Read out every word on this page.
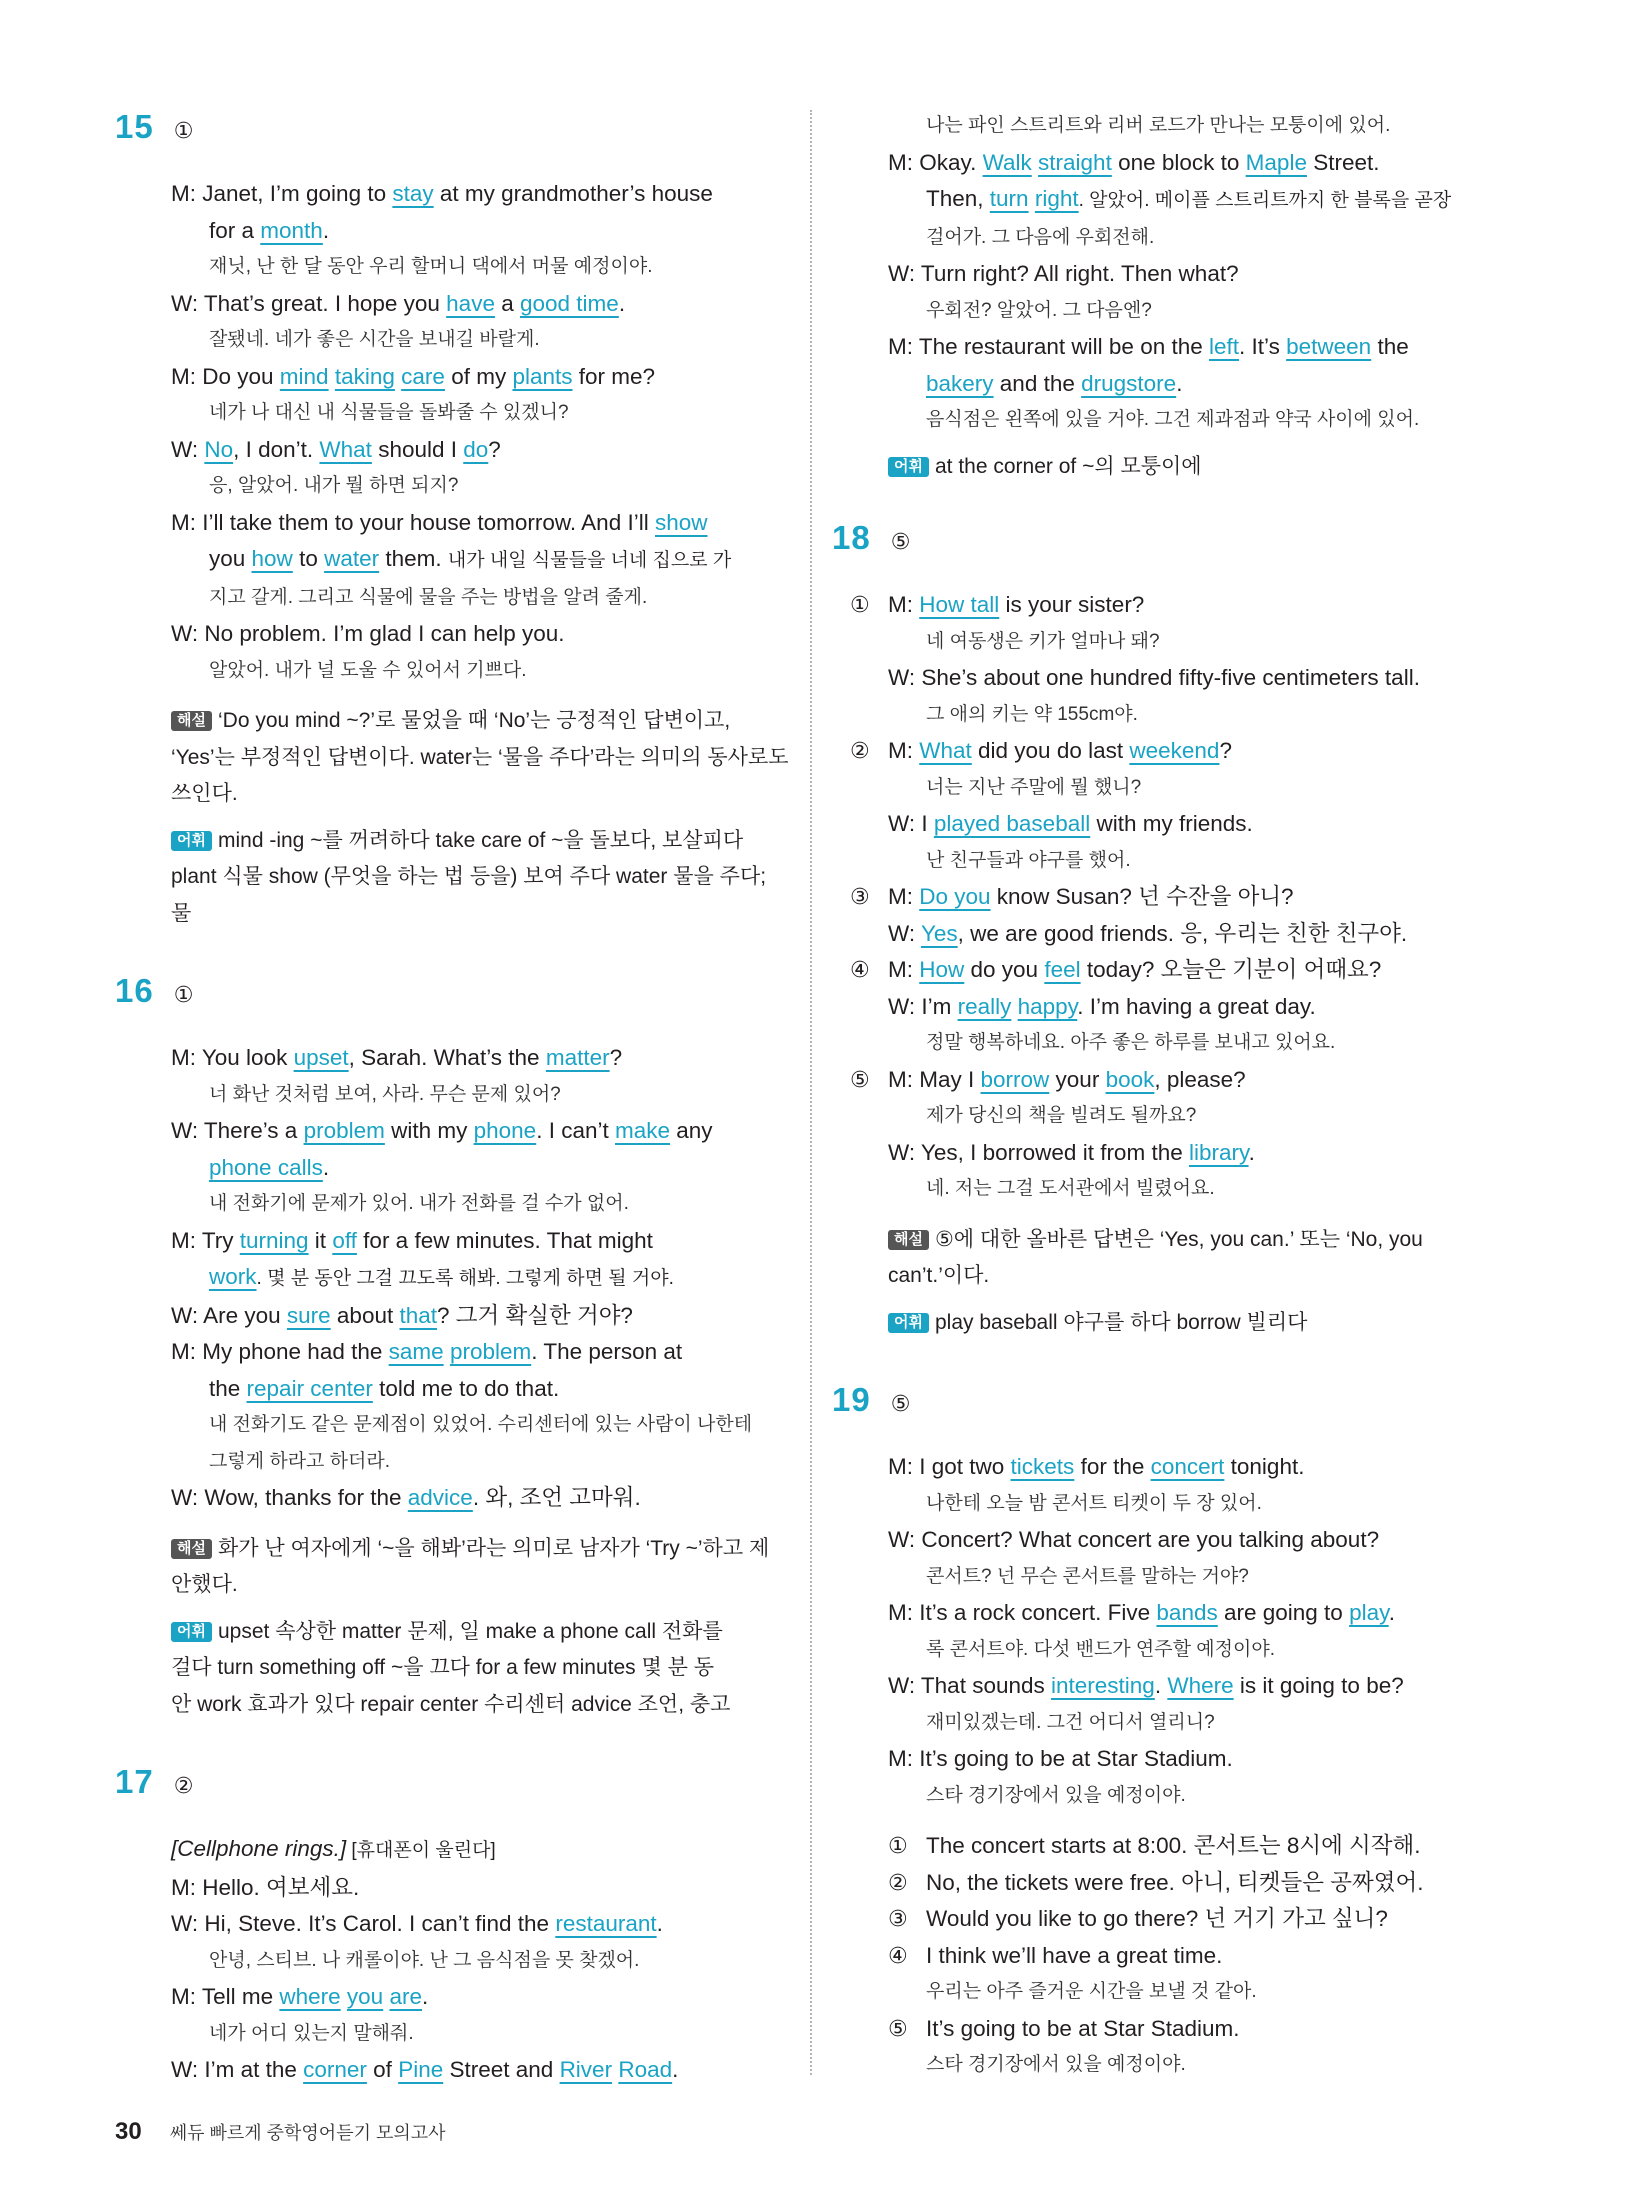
15 ①
M: Janet, I’m going to stay at my grandmother’s house
for a month.
재닛, 난 한 달 동안 우리 할머니 댁에서 머물 예정이야.
W: That’s great. I hope you have a good time.
잘됐네. 네가 좋은 시간을 보내길 바랄게.
M: Do you mind taking care of my plants for me?
네가 나 대신 내 식물들을 돌봐줄 수 있겠니?
W: No, I don’t. What should I do?
응, 알았어. 내가 뭘 하면 되지?
M: I’ll take them to your house tomorrow. And I’ll show
you how to water them. 내가 내일 식물들을 너네 집으로 가
지고 갈게. 그리고 식물에 물을 주는 방법을 알려 줄게.
W: No problem. I’m glad I can help you.
알았어. 내가 널 도울 수 있어서 기쁘다.
해설 ‘Do you mind ~?’로 물었을 때 ‘No’는 긍정적인 답변이고,
‘Yes’는 부정적인 답변이다. water는 ‘물을 주다’라는 의미의 동사로도
쓰인다.
어휘 mind -ing ~를 꺼려하다 take care of ~을 돌보다, 보살피다
plant 식물 show (무엇을 하는 법 등을) 보여 주다 water 물을 주다;
물
16 ①
M: You look upset, Sarah. What’s the matter?
너 화난 것처럼 보여, 사라. 무슨 문제 있어?
W: There’s a problem with my phone. I can’t make any
phone calls.
내 전화기에 문제가 있어. 내가 전화를 걸 수가 없어.
M: Try turning it off for a few minutes. That might
work. 몇 분 동안 그걸 끄도록 해봐. 그렇게 하면 될 거야.
W: Are you sure about that? 그거 확실한 거야?
M: My phone had the same problem. The person at
the repair center told me to do that.
내 전화기도 같은 문제점이 있었어. 수리센터에 있는 사람이 나한테
그렇게 하라고 하더라.
W: Wow, thanks for the advice. 와, 조언 고마워.
해설 화가 난 여자에게 ‘~을 해봐’라는 의미로 남자가 ‘Try ~’하고 제
안했다.
어휘 upset 속상한 matter 문제, 일 make a phone call 전화를
걸다 turn something off ~을 끄다 for a few minutes 몇 분 동
안 work 효과가 있다 repair center 수리센터 advice 조언, 충고
17 ②
[Cellphone rings.] [휴대폰이 울린다]
M: Hello. 여보세요.
W: Hi, Steve. It’s Carol. I can’t find the restaurant.
안녕, 스티브. 나 캐롤이야. 난 그 음식점을 못 찾겠어.
M: Tell me where you are.
네가 어디 있는지 말해줘.
W: I’m at the corner of Pine Street and River Road.
나는 파인 스트리트와 리버 로드가 만나는 모퉁이에 있어.
M: Okay. Walk straight one block to Maple Street.
Then, turn right. 알았어. 메이플 스트리트까지 한 블록을 곧장
걸어가. 그 다음에 우회전해.
W: Turn right? All right. Then what?
우회전? 알았어. 그 다음엔?
M: The restaurant will be on the left. It’s between the
bakery and the drugstore.
음식점은 왼쪽에 있을 거야. 그건 제과점과 약국 사이에 있어.
어휘 at the corner of ~의 모퉁이에
18 ⑤
① M: How tall is your sister?
네 여동생은 키가 얼마나 돼?
W: She’s about one hundred fifty-five centimeters tall.
그 애의 키는 약 155cm야.
② M: What did you do last weekend?
너는 지난 주말에 뭘 했니?
W: I played baseball with my friends.
난 친구들과 야구를 했어.
③ M: Do you know Susan? 넌 수잔을 아니?
W: Yes, we are good friends. 응, 우리는 친한 친구야.
④ M: How do you feel today? 오늘은 기분이 어때요?
W: I’m really happy. I’m having a great day.
정말 행복하네요. 아주 좋은 하루를 보내고 있어요.
⑤ M: May I borrow your book, please?
제가 당신의 책을 빌려도 될까요?
W: Yes, I borrowed it from the library.
네. 저는 그걸 도서관에서 빌렸어요.
해설 ⑤에 대한 올바른 답변은 ‘Yes, you can.’ 또는 ‘No, you
can’t.’이다.
어휘 play baseball 야구를 하다 borrow 빌리다
19 ⑤
M: I got two tickets for the concert tonight.
나한테 오늘 밤 콘서트 티켓이 두 장 있어.
W: Concert? What concert are you talking about?
콘서트? 넌 무슨 콘서트를 말하는 거야?
M: It’s a rock concert. Five bands are going to play.
록 콘서트야. 다섯 밴드가 연주할 예정이야.
W: That sounds interesting. Where is it going to be?
재미있겠는데. 그건 어디서 열리니?
M: It’s going to be at Star Stadium.
스타 경기장에서 있을 예정이야.
① The concert starts at 8:00. 콘서트는 8시에 시작해.
② No, the tickets were free. 아니, 티켓들은 공짜였어.
③ Would you like to go there? 넌 거기 가고 싶니?
④ I think we’ll have a great time.
우리는 아주 즐거운 시간을 보낼 것 같아.
⑤ It’s going to be at Star Stadium.
스타 경기장에서 있을 예정이야.
30 쎄듀 빠르게 중학영어듣기 모의고사
